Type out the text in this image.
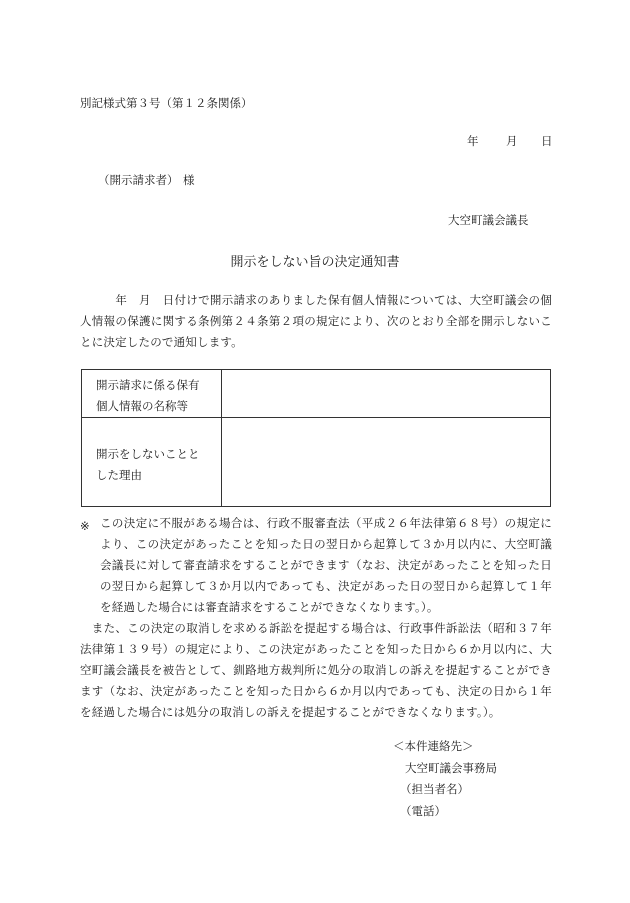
別記様式第３号（第１２条関係）
年 月 日
（開示請求者） 様
大空町議会議長
開示をしない旨の決定通知書
　　　年　月　日付けで開示請求のありました保有個人情報については、大空町議会の個人情報の保護に関する条例第２４条第２項の規定により、次のとおり全部を開示しないことに決定したので通知します。
開示請求に係る保有
個人情報の名称等	

開示をしないことと
した理由	

※ この決定に不服がある場合は、行政不服審査法（平成２６年法律第６８号）の規定により、この決定があったことを知った日の翌日から起算して３か月以内に、大空町議会議長に対して審査請求をすることができます（なお、決定があったことを知った日の翌日から起算して３か月以内であっても、決定があった日の翌日から起算して１年を経過した場合には審査請求をすることができなくなります。）。
　また、この決定の取消しを求める訴訟を提起する場合は、行政事件訴訟法（昭和３７年法律第１３９号）の規定により、この決定があったことを知った日から６か月以内に、大空町議会議長を被告として、釧路地方裁判所に処分の取消しの訴えを提起することができます（なお、決定があったことを知った日から６か月以内であっても、決定の日から１年を経過した場合には処分の取消しの訴えを提起することができなくなります。）。
＜本件連絡先＞
大空町議会事務局
（担当者名）
（電話）
